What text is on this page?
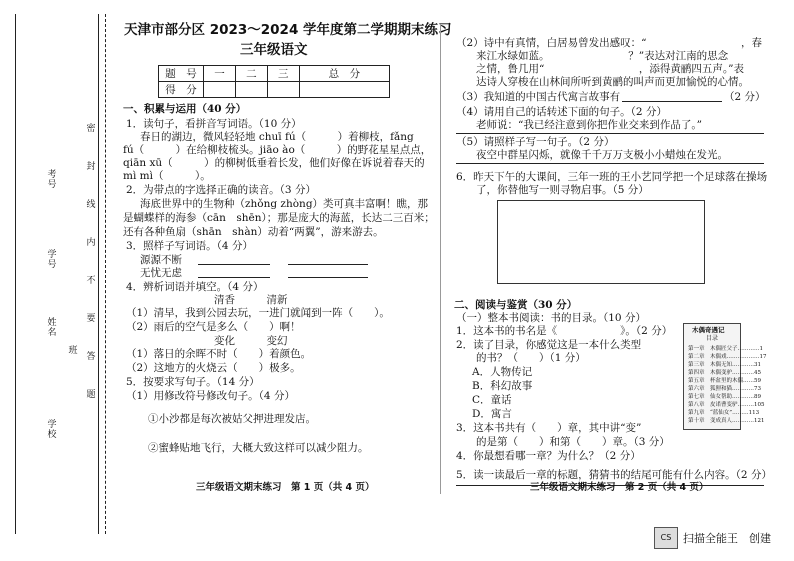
学校
姓名
班
学号
考号
密封线内不要答题
天津市部分区 2023～2024 学年度第二学期期末练习
三年级语文
题　号	一	二	三	总　分
得　分				
一、积累与运用（40 分）
1．读句子，看拼音写词语。（10 分）
春日的湖边，微风轻轻地 chuī fú（　　　）着柳枝，fǎng
fú（　　　）在给柳枝梳头。jiāo ào（　　　）的野花星星点点，
qiān xū（　　　）的柳树低垂着长发，他们好像在诉说着春天的
mì mì（　　　）。
2．为带点的字选择正确的读音。（3 分）
海底世界中的生物种（zhǒng zhòng）类可真丰富啊！瞧，那
是蝴蝶样的海参（cān　shēn）；那是庞大的海蓝，长达二三百米；
还有各种鱼扇（shān　shàn）动着“两翼”，游来游去。
3．照样子写词语。（4 分）
源源不断
无忧无虑
4．辨析词语并填空。（4 分）
清香　　　清新
（1）清早，我到公园去玩，一进门就闻到一阵（　　）。
（2）雨后的空气是多么（　　）啊！
变化　　　变幻
（1）落日的余晖不时（　　）着颜色。
（2）这地方的火烧云（　　）极多。
5．按要求写句子。（14 分）
（1）用修改符号修改句子。（4 分）
①小沙都是每次被姑父押进理发店。
②蜜蜂贴地飞行，大概大致这样可以减少阻力。
三年级语文期末练习　第 1 页（共 4 页）
（2）诗中有真情，白居易曾发出感叹：“　　　　　　　　　，春
来江水绿如蓝。　　　　　　　　？”表达对江南的思念
之情，鲁几用“　　　　　　　　　，添得黄鹂四五声。”表
达诗人穿梭在山林间所听到黄鹂的叫声而更加愉悦的心情。
（3）我知道的中国古代寓言故事有	（2 分）
（4）请用自己的话转述下面的句子。（2 分）
老师说：“我已经注意到你把作业交来到作品了。”
（5）请照样子写一句子。（2 分）
夜空中群星闪烁，就像千千万万支极小小蜡烛在发光。
6．昨天下午的大课间，三年一班的王小艺同学把一个足球落在操场
了，你替他写一则寻物启事。（5 分）
二、阅读与鉴赏（30 分）
（一）整本书阅读：书的目录。（10 分）
1．这本书的书名是《　　　　　　》。（2 分）
2．读了目录，你感觉这是一本什么类型
的书？（　　）（1 分）
A．人物传记
B．科幻故事
C．童话
D．寓言
3．这本书共有（　　）章，其中讲“变”
的是第（　　）和第（　　）章。（3 分）
4．你最想看哪一章？为什么？（2 分）
5．读一读最后一章的标题，猜猜书的结尾可能有什么内容。（2 分）
木偶奇遇记
目录
第一章　木偶匠父子…………1
第二章　木偶戏………………17
第三章　木偶无知…………31
第四章　木偶变驴…………45
第五章　杯盆里的木偶……59
第六章　狐狸和猫…………73
第七章　仙女帮助…………89
第八章　皮诺曹变驴………105
第九章　“蓝仙女”………113
第十章　变成真人…………121
三年级语文期末练习　第 2 页（共 4 页）
CS	扫描全能王　创建
